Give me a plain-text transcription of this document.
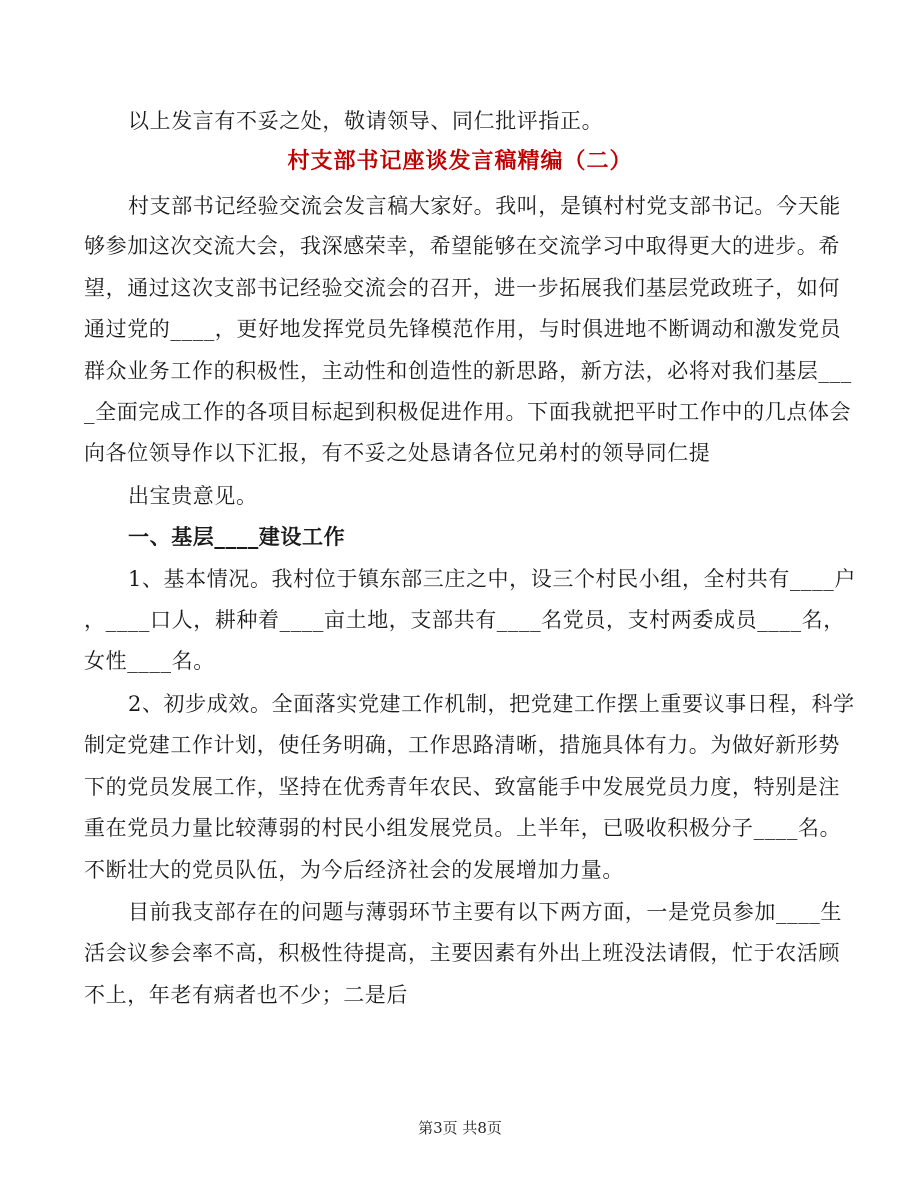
以上发言有不妥之处，敬请领导、同仁批评指正。
村支部书记座谈发言稿精编（二）
村支部书记经验交流会发言稿大家好。我叫，是镇村村党支部书记。今天能
够参加这次交流大会，我深感荣幸，希望能够在交流学习中取得更大的进步。希
望，通过这次支部书记经验交流会的召开，进一步拓展我们基层党政班子，如何
通过党的____，更好地发挥党员先锋模范作用，与时俱进地不断调动和激发党员
群众业务工作的积极性，主动性和创造性的新思路，新方法，必将对我们基层___
_全面完成工作的各项目标起到积极促进作用。下面我就把平时工作中的几点体会
向各位领导作以下汇报，有不妥之处恳请各位兄弟村的领导同仁提
出宝贵意见。
一、基层____建设工作
1、基本情况。我村位于镇东部三庄之中，设三个村民小组，全村共有____户
，____口人，耕种着____亩土地，支部共有____名党员，支村两委成员____名，
女性____名。
2、初步成效。全面落实党建工作机制，把党建工作摆上重要议事日程，科学
制定党建工作计划，使任务明确，工作思路清晰，措施具体有力。为做好新形势
下的党员发展工作，坚持在优秀青年农民、致富能手中发展党员力度，特别是注
重在党员力量比较薄弱的村民小组发展党员。上半年，已吸收积极分子____名。
不断壮大的党员队伍，为今后经济社会的发展增加力量。
目前我支部存在的问题与薄弱环节主要有以下两方面，一是党员参加____生
活会议参会率不高，积极性待提高，主要因素有外出上班没法请假，忙于农活顾
不上，年老有病者也不少；二是后
第3页 共8页
